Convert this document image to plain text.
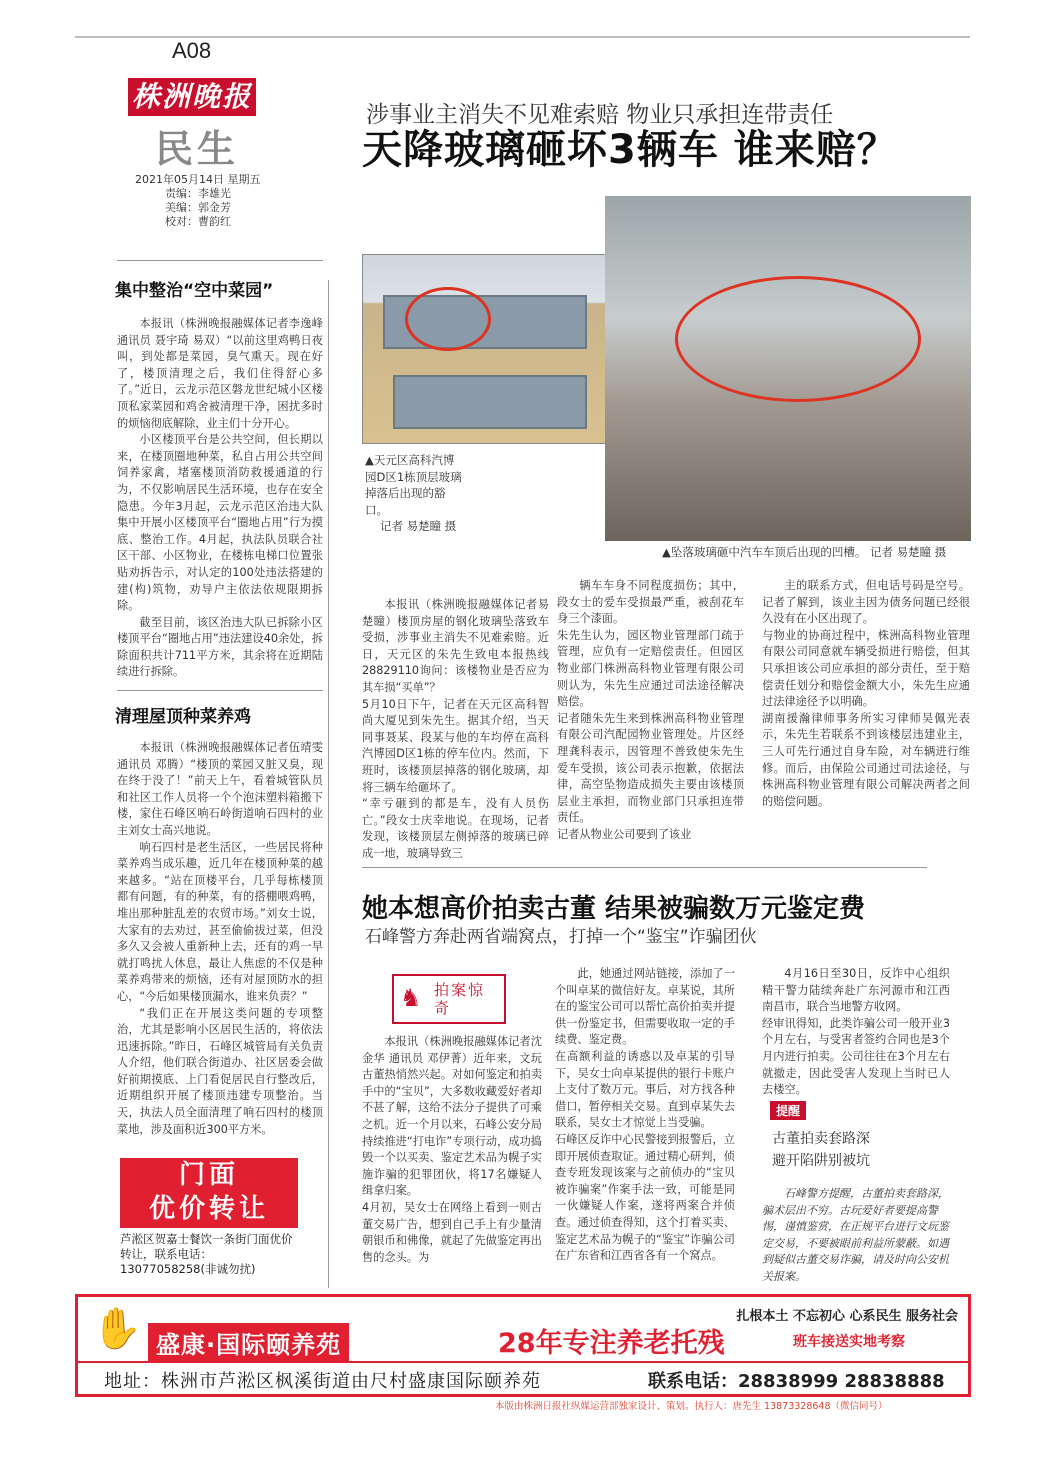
A08
株洲晚报
民生
2021年05月14日 星期五
责编：李雄光
美编：郭金芳
校对：曹韵红
涉事业主消失不见难索赔 物业只承担连带责任
天降玻璃砸坏3辆车 谁来赔？
集中整治“空中菜园”

本报讯（株洲晚报融媒体记者李逸峰 通讯员 聂宇琦 易双）“以前这里鸡鸭日夜叫，到处都是菜园，臭气熏天。现在好了，楼顶清理之后，我们住得舒心多了。”近日，云龙示范区磐龙世纪城小区楼顶私家菜园和鸡舍被清理干净，困扰多时的烦恼彻底解除，业主们十分开心。

小区楼顶平台是公共空间，但长期以来，在楼顶圈地种菜，私自占用公共空间饲养家禽，堵塞楼顶消防救援通道的行为，不仅影响居民生活环境，也存在安全隐患。今年3月起，云龙示范区治违大队集中开展小区楼顶平台“圈地占用”行为摸底、整治工作。4月起，执法队员联合社区干部、小区物业，在楼栋电梯口位置张贴劝拆告示，对认定的100处违法搭建的建(构)筑物，劝导户主依法依规限期拆除。

截至目前，该区治违大队已拆除小区楼顶平台“圈地占用”违法建设40余处，拆除面积共计711平方米，其余将在近期陆续进行拆除。

清理屋顶种菜养鸡

本报讯（株洲晚报融媒体记者伍靖雯 通讯员 邓腾）“楼顶的菜园又脏又臭，现在终于没了！”前天上午，看着城管队员和社区工作人员将一个个泡沫塑料箱搬下楼，家住石峰区响石岭街道响石四村的业主刘女士高兴地说。

响石四村是老生活区，一些居民将种菜养鸡当成乐趣，近几年在楼顶种菜的越来越多。“站在顶楼平台，几乎每栋楼顶都有问题，有的种菜，有的搭棚喂鸡鸭，堆出那种脏乱差的农贸市场。”刘女士说，大家有的去劝过，甚至偷偷拔过菜，但没多久又会被人重新种上去，还有的鸡一早就打鸣扰人休息，最让人焦虑的不仅是种菜养鸡带来的烦恼，还有对屋顶防水的担心，“今后如果楼顶漏水，谁来负责？”

“我们正在开展这类问题的专项整治，尤其是影响小区居民生活的，将依法迅速拆除。”昨日，石峰区城管局有关负责人介绍，他们联合街道办、社区居委会做好前期摸底、上门看促居民自行整改后，近期组织开展了楼顶违建专项整治。当天，执法人员全面清理了响石四村的楼顶菜地，涉及面积近300平方米。

门面
优价转让
芦淞区贺嘉士餐饮一条街门面优价转让，联系电话：13077058258(非诚勿扰)
▲天元区高科汽博园D区1栋顶层玻璃掉落后出现的豁口。
记者 易楚瞳 摄
▲坠落玻璃砸中汽车车顶后出现的凹槽。 记者 易楚瞳 摄

本报讯（株洲晚报融媒体记者易楚瞳）楼顶房屋的钢化玻璃坠落致车受损，涉事业主消失不见难索赔。近日，天元区的朱先生致电本报热线28829110询问：该楼物业是否应为其车损“买单”？
5月10日下午，记者在天元区高科智尚大厦见到朱先生。据其介绍，当天同事聂某、段某与他的车均停在高科汽博园D区1栋的停车位内。然而，下班时，该楼顶层掉落的钢化玻璃，却将三辆车给砸坏了。
“幸亏砸到的都是车，没有人员伤亡。”段女士庆幸地说。在现场，记者发现，该楼顶层左侧掉落的玻璃已碎成一地，玻璃导致三

辆车车身不同程度损伤；其中，段女士的爱车受损最严重，被刮花车身三个漆面。
朱先生认为，园区物业管理部门疏于管理，应负有一定赔偿责任。但园区物业部门株洲高科物业管理有限公司则认为，朱先生应通过司法途径解决赔偿。
记者随朱先生来到株洲高科物业管理有限公司汽配园物业管理处。片区经理龚科表示，因管理不善致使朱先生爱车受损，该公司表示抱歉，依据法律，高空坠物造成损失主要由该楼顶层业主承担，而物业部门只承担连带责任。
记者从物业公司要到了该业

主的联系方式，但电话号码是空号。记者了解到，该业主因为债务问题已经很久没有在小区出现了。
与物业的协商过程中，株洲高科物业管理有限公司同意就车辆受损进行赔偿，但其只承担该公司应承担的部分责任，至于赔偿责任划分和赔偿金额大小，朱先生应通过法律途径予以明确。
湖南援瀚律师事务所实习律师吴佩光表示，朱先生若联系不到该楼层违建业主，三人可先行通过自身车险，对车辆进行维修。而后，由保险公司通过司法途径，与株洲高科物业管理有限公司解决两者之间的赔偿问题。

她本想高价拍卖古董 结果被骗数万元鉴定费
石峰警方奔赴两省端窝点，打掉一个“鉴宝”诈骗团伙
♞ 拍案惊奇

本报讯（株洲晚报融媒体记者沈金华 通讯员 邓伊菁）近年来，文玩古董热悄然兴起。对如何鉴定和拍卖手中的“宝贝”，大多数收藏爱好者却不甚了解，这给不法分子提供了可乘之机。近一个月以来，石峰公安分局持续推进“打电诈”专项行动，成功捣毁一个以买卖、鉴定艺术品为幌子实施诈骗的犯罪团伙，将17名嫌疑人缉拿归案。
4月初，吴女士在网络上看到一则古董交易广告，想到自己手上有少量清朝银币和佛像，就起了先做鉴定再出售的念头。为

此，她通过网站链接，添加了一个叫卓某的微信好友。卓某说，其所在的鉴宝公司可以帮忙高价拍卖并提供一份鉴定书，但需要收取一定的手续费、鉴定费。
在高额利益的诱惑以及卓某的引导下，吴女士向卓某提供的银行卡账户上支付了数万元。事后，对方找各种借口，暂停相关交易。直到卓某失去联系，吴女士才惊觉上当受骗。
石峰区反诈中心民警接到报警后，立即开展侦查取证。通过精心研判，侦查专班发现该案与之前侦办的“宝贝被诈骗案”作案手法一致，可能是同一伙嫌疑人作案，遂将两案合并侦查。通过侦查得知，这个打着买卖、鉴定艺术品为幌子的“鉴宝”诈骗公司在广东省和江西省各有一个窝点。

4月16日至30日，反诈中心组织精干警力陆续奔赴广东河源市和江西南昌市，联合当地警方收网。
经审讯得知，此类诈骗公司一般开业3个月左右，与受害者签约合同也是3个月内进行拍卖。公司往往在3个月左右就撤走，因此受害人发现上当时已人去楼空。

提醒
古董拍卖套路深
避开陷阱别被坑
石峰警方提醒，古董拍卖套路深，骗术层出不穷。古玩爱好者要提高警惕，谨慎鉴赏，在正规平台进行文玩鉴定交易，不要被眼前利益所蒙蔽。如遇到疑似古董交易诈骗，请及时向公安机关报案。
扎根本土 不忘初心 心系民生 服务社会
✋ 盛康·国际颐养苑	28年专注养老托残	班车接送实地考察
地址：株洲市芦淞区枫溪街道由尺村盛康国际颐养苑	联系电话：28838999 28838888
本版由株洲日报社纵媒运营部独家设计、策划。执行人：唐先生 13873328648（微信同号）
